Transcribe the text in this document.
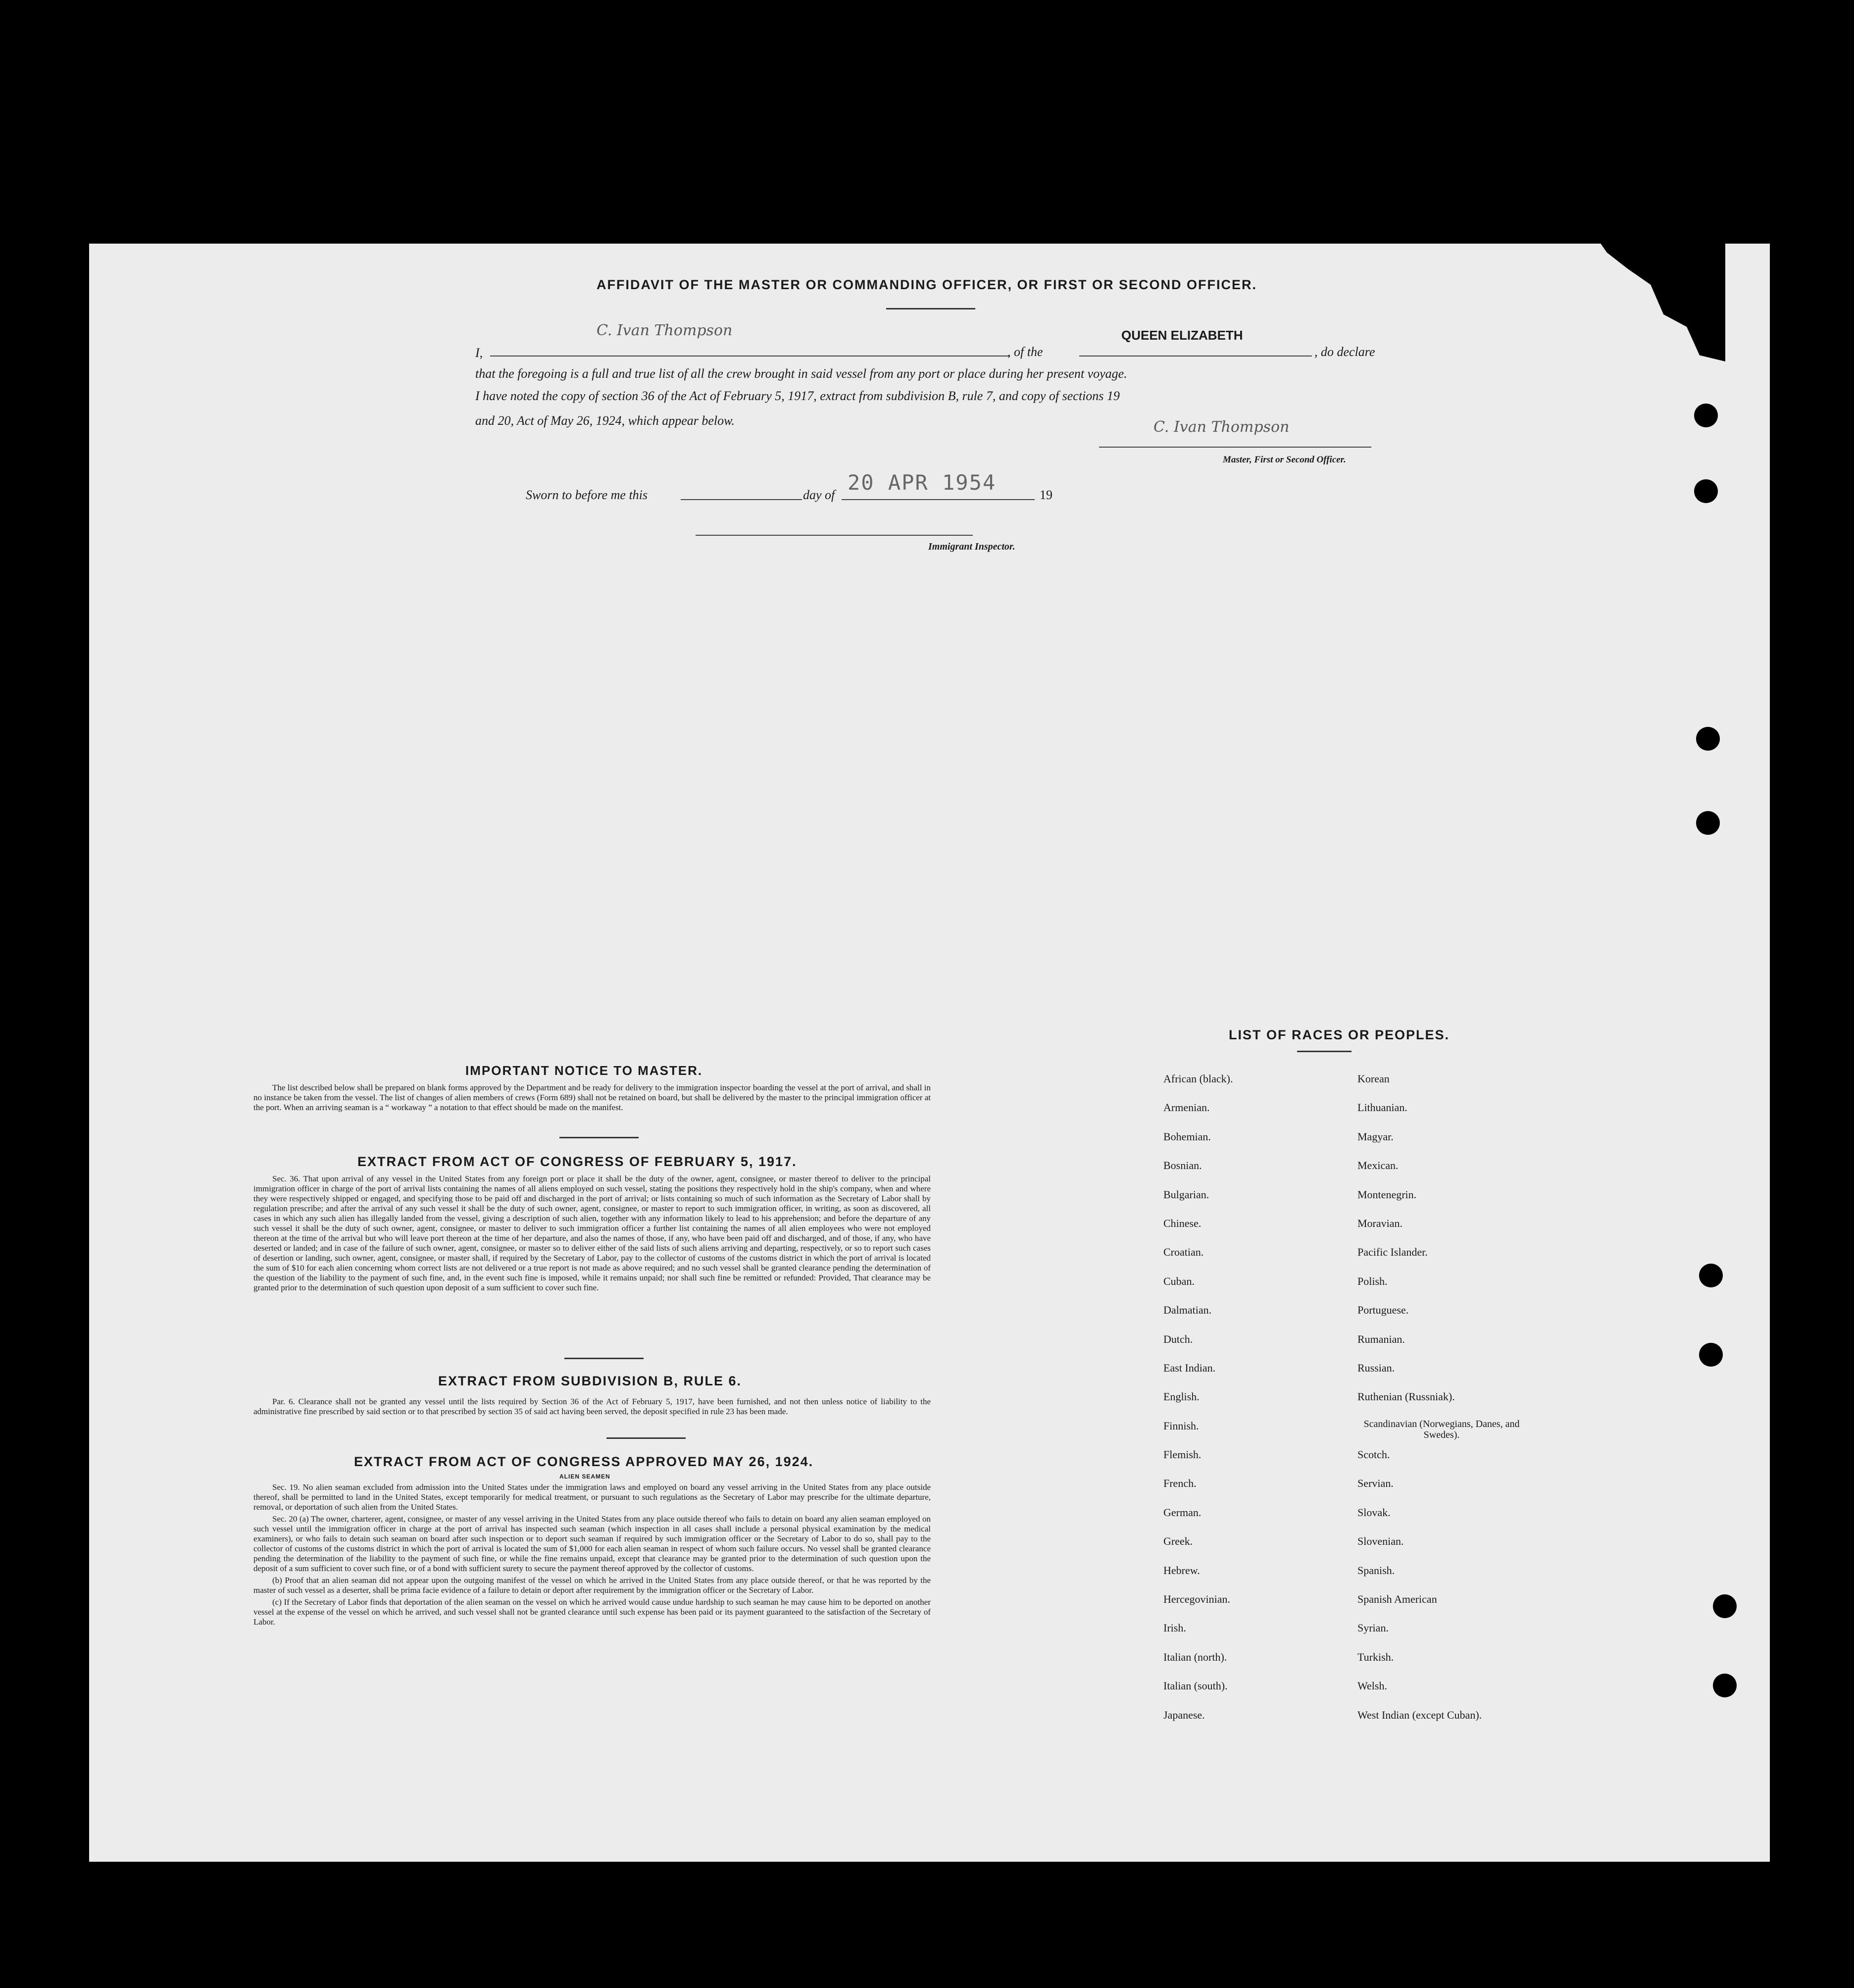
AFFIDAVIT OF THE MASTER OR COMMANDING OFFICER, OR FIRST OR SECOND OFFICER.
I,
C. Ivan Thompson
, of the
QUEEN ELIZABETH
, do declare
that the foregoing is a full and true list of all the crew brought in said vessel from any port or place during her present voyage.
I have noted the copy of section 36 of the Act of February 5, 1917, extract from subdivision B, rule 7, and copy of sections 19
and 20, Act of May 26, 1924, which appear below.	C. Ivan Thompson
Master, First or Second Officer.
Sworn to before me this	day of
20 APR 1954
19
Immigrant Inspector.
IMPORTANT NOTICE TO MASTER.

The list described below shall be prepared on blank forms approved by the Department and be ready for delivery to the immigration inspector boarding the vessel at the port of arrival, and shall in no instance be taken from the vessel. The list of changes of alien members of crews (Form 689) shall not be retained on board, but shall be delivered by the master to the principal immigration officer at the port. When an arriving seaman is a “ workaway ” a notation to that effect should be made on the manifest.

EXTRACT FROM ACT OF CONGRESS OF FEBRUARY 5, 1917.

Sec. 36. That upon arrival of any vessel in the United States from any foreign port or place it shall be the duty of the owner, agent, consignee, or master thereof to deliver to the principal immigration officer in charge of the port of arrival lists containing the names of all aliens employed on such vessel, stating the positions they respectively hold in the ship's company, when and where they were respectively shipped or engaged, and specifying those to be paid off and discharged in the port of arrival; or lists containing so much of such information as the Secretary of Labor shall by regulation prescribe; and after the arrival of any such vessel it shall be the duty of such owner, agent, consignee, or master to report to such immigration officer, in writing, as soon as discovered, all cases in which any such alien has illegally landed from the vessel, giving a description of such alien, together with any information likely to lead to his apprehension; and before the departure of any such vessel it shall be the duty of such owner, agent, consignee, or master to deliver to such immigration officer a further list containing the names of all alien employees who were not employed thereon at the time of the arrival but who will leave port thereon at the time of her departure, and also the names of those, if any, who have been paid off and discharged, and of those, if any, who have deserted or landed; and in case of the failure of such owner, agent, consignee, or master so to deliver either of the said lists of such aliens arriving and departing, respectively, or so to report such cases of desertion or landing, such owner, agent, consignee, or master shall, if required by the Secretary of Labor, pay to the collector of customs of the customs district in which the port of arrival is located the sum of $10 for each alien concerning whom correct lists are not delivered or a true report is not made as above required; and no such vessel shall be granted clearance pending the determination of the question of the liability to the payment of such fine, and, in the event such fine is imposed, while it remains unpaid; nor shall such fine be remitted or refunded: Provided, That clearance may be granted prior to the determination of such question upon deposit of a sum sufficient to cover such fine.

EXTRACT FROM SUBDIVISION B, RULE 6.

Par. 6. Clearance shall not be granted any vessel until the lists required by Section 36 of the Act of February 5, 1917, have been furnished, and not then unless notice of liability to the administrative fine prescribed by said section or to that prescribed by section 35 of said act having been served, the deposit specified in rule 23 has been made.

EXTRACT FROM ACT OF CONGRESS APPROVED MAY 26, 1924.
ALIEN SEAMEN

Sec. 19. No alien seaman excluded from admission into the United States under the immigration laws and employed on board any vessel arriving in the United States from any place outside thereof, shall be permitted to land in the United States, except temporarily for medical treatment, or pursuant to such regulations as the Secretary of Labor may prescribe for the ultimate departure, removal, or deportation of such alien from the United States.

Sec. 20 (a) The owner, charterer, agent, consignee, or master of any vessel arriving in the United States from any place outside thereof who fails to detain on board any alien seaman employed on such vessel until the immigration officer in charge at the port of arrival has inspected such seaman (which inspection in all cases shall include a personal physical examination by the medical examiners), or who fails to detain such seaman on board after such inspection or to deport such seaman if required by such immigration officer or the Secretary of Labor to do so, shall pay to the collector of customs of the customs district in which the port of arrival is located the sum of $1,000 for each alien seaman in respect of whom such failure occurs. No vessel shall be granted clearance pending the determination of the liability to the payment of such fine, or while the fine remains unpaid, except that clearance may be granted prior to the determination of such question upon the deposit of a sum sufficient to cover such fine, or of a bond with sufficient surety to secure the payment thereof approved by the collector of customs.

(b) Proof that an alien seaman did not appear upon the outgoing manifest of the vessel on which he arrived in the United States from any place outside thereof, or that he was reported by the master of such vessel as a deserter, shall be prima facie evidence of a failure to detain or deport after requirement by the immigration officer or the Secretary of Labor.

(c) If the Secretary of Labor finds that deportation of the alien seaman on the vessel on which he arrived would cause undue hardship to such seaman he may cause him to be deported on another vessel at the expense of the vessel on which he arrived, and such vessel shall not be granted clearance until such expense has been paid or its payment guaranteed to the satisfaction of the Secretary of Labor.

LIST OF RACES OR PEOPLES.
African (black).
Armenian.
Bohemian.
Bosnian.
Bulgarian.
Chinese.
Croatian.
Cuban.
Dalmatian.
Dutch.
East Indian.
English.
Finnish.
Flemish.
French.
German.
Greek.
Hebrew.
Hercegovinian.
Irish.
Italian (north).
Italian (south).
Japanese.
Korean
Lithuanian.
Magyar.
Mexican.
Montenegrin.
Moravian.
Pacific Islander.
Polish.
Portuguese.
Rumanian.
Russian.
Ruthenian (Russniak).
Scandinavian (Norwegians, Danes, and Swedes).
Scotch.
Servian.
Slovak.
Slovenian.
Spanish.
Spanish American
Syrian.
Turkish.
Welsh.
West Indian (except Cuban).
